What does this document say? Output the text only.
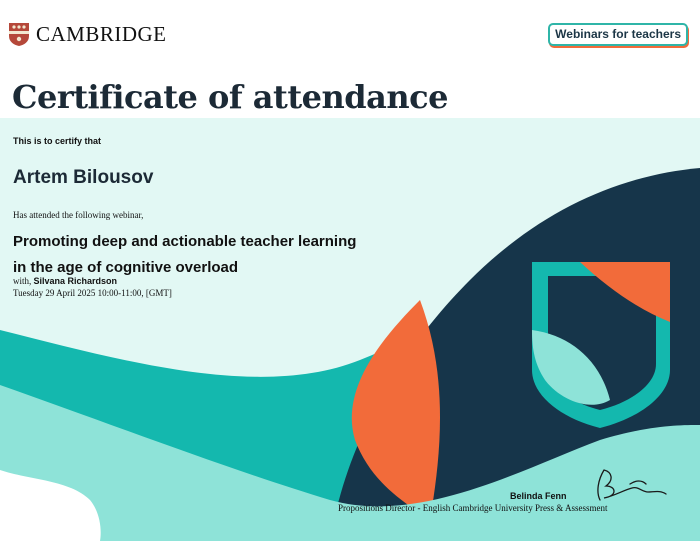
CAMBRIDGE	Webinars for teachers
Certificate of attendance
This is to certify that
Artem Bilousov
Has attended the following webinar,
Promoting deep and actionable teacher learning
in the age of cognitive overload
with, Silvana Richardson
Tuesday 29 April 2025 10:00-11:00, [GMT]
Belinda Fenn
Propositions Director - English Cambridge University Press & Assessment
